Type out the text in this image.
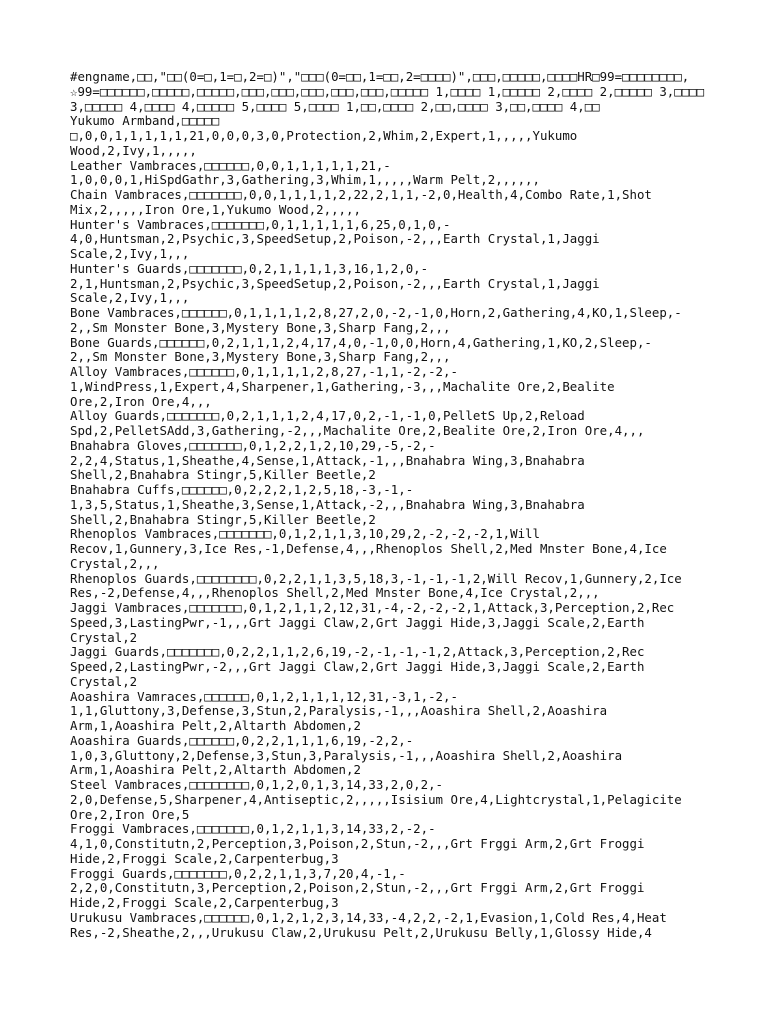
#engname,□□,"□□(0=□,1=□,2=□)","□□□(0=□□,1=□□,2=□□□□)",□□□,□□□□□,□□□□HR□99=□□□□□□□□,
☆99=□□□□□□,□□□□□,□□□□□,□□□,□□□,□□□,□□□,□□□,□□□□□ 1,□□□□ 1,□□□□□ 2,□□□□ 2,□□□□□ 3,□□□□
3,□□□□□ 4,□□□□ 4,□□□□□ 5,□□□□ 5,□□□□ 1,□□,□□□□ 2,□□,□□□□ 3,□□,□□□□ 4,□□
Yukumo Armband,□□□□□
□,0,0,1,1,1,1,1,21,0,0,0,3,0,Protection,2,Whim,2,Expert,1,,,,,Yukumo
Wood,2,Ivy,1,,,,,
Leather Vambraces,□□□□□□,0,0,1,1,1,1,1,21,-
1,0,0,0,1,HiSpdGathr,3,Gathering,3,Whim,1,,,,,Warm Pelt,2,,,,,,
Chain Vambraces,□□□□□□□,0,0,1,1,1,1,2,22,2,1,1,-2,0,Health,4,Combo Rate,1,Shot
Mix,2,,,,,Iron Ore,1,Yukumo Wood,2,,,,,
Hunter's Vambraces,□□□□□□□,0,1,1,1,1,1,6,25,0,1,0,-
4,0,Huntsman,2,Psychic,3,SpeedSetup,2,Poison,-2,,,Earth Crystal,1,Jaggi
Scale,2,Ivy,1,,,
Hunter's Guards,□□□□□□□,0,2,1,1,1,1,3,16,1,2,0,-
2,1,Huntsman,2,Psychic,3,SpeedSetup,2,Poison,-2,,,Earth Crystal,1,Jaggi
Scale,2,Ivy,1,,,
Bone Vambraces,□□□□□□,0,1,1,1,1,2,8,27,2,0,-2,-1,0,Horn,2,Gathering,4,KO,1,Sleep,-
2,,Sm Monster Bone,3,Mystery Bone,3,Sharp Fang,2,,,
Bone Guards,□□□□□□,0,2,1,1,1,2,4,17,4,0,-1,0,0,Horn,4,Gathering,1,KO,2,Sleep,-
2,,Sm Monster Bone,3,Mystery Bone,3,Sharp Fang,2,,,
Alloy Vambraces,□□□□□□,0,1,1,1,1,2,8,27,-1,1,-2,-2,-
1,WindPress,1,Expert,4,Sharpener,1,Gathering,-3,,,Machalite Ore,2,Bealite
Ore,2,Iron Ore,4,,,
Alloy Guards,□□□□□□□,0,2,1,1,1,2,4,17,0,2,-1,-1,0,PelletS Up,2,Reload
Spd,2,PelletSAdd,3,Gathering,-2,,,Machalite Ore,2,Bealite Ore,2,Iron Ore,4,,,
Bnahabra Gloves,□□□□□□□,0,1,2,2,1,2,10,29,-5,-2,-
2,2,4,Status,1,Sheathe,4,Sense,1,Attack,-1,,,Bnahabra Wing,3,Bnahabra
Shell,2,Bnahabra Stingr,5,Killer Beetle,2
Bnahabra Cuffs,□□□□□□,0,2,2,2,1,2,5,18,-3,-1,-
1,3,5,Status,1,Sheathe,3,Sense,1,Attack,-2,,,Bnahabra Wing,3,Bnahabra
Shell,2,Bnahabra Stingr,5,Killer Beetle,2
Rhenoplos Vambraces,□□□□□□□,0,1,2,1,1,3,10,29,2,-2,-2,-2,1,Will
Recov,1,Gunnery,3,Ice Res,-1,Defense,4,,,Rhenoplos Shell,2,Med Mnster Bone,4,Ice
Crystal,2,,,
Rhenoplos Guards,□□□□□□□□,0,2,2,1,1,3,5,18,3,-1,-1,-1,2,Will Recov,1,Gunnery,2,Ice
Res,-2,Defense,4,,,Rhenoplos Shell,2,Med Mnster Bone,4,Ice Crystal,2,,,
Jaggi Vambraces,□□□□□□□,0,1,2,1,1,2,12,31,-4,-2,-2,-2,1,Attack,3,Perception,2,Rec
Speed,3,LastingPwr,-1,,,Grt Jaggi Claw,2,Grt Jaggi Hide,3,Jaggi Scale,2,Earth
Crystal,2
Jaggi Guards,□□□□□□□,0,2,2,1,1,2,6,19,-2,-1,-1,-1,2,Attack,3,Perception,2,Rec
Speed,2,LastingPwr,-2,,,Grt Jaggi Claw,2,Grt Jaggi Hide,3,Jaggi Scale,2,Earth
Crystal,2
Aoashira Vamraces,□□□□□□,0,1,2,1,1,1,12,31,-3,1,-2,-
1,1,Gluttony,3,Defense,3,Stun,2,Paralysis,-1,,,Aoashira Shell,2,Aoashira
Arm,1,Aoashira Pelt,2,Altarth Abdomen,2
Aoashira Guards,□□□□□□,0,2,2,1,1,1,6,19,-2,2,-
1,0,3,Gluttony,2,Defense,3,Stun,3,Paralysis,-1,,,Aoashira Shell,2,Aoashira
Arm,1,Aoashira Pelt,2,Altarth Abdomen,2
Steel Vambraces,□□□□□□□□,0,1,2,0,1,3,14,33,2,0,2,-
2,0,Defense,5,Sharpener,4,Antiseptic,2,,,,,Isisium Ore,4,Lightcrystal,1,Pelagicite
Ore,2,Iron Ore,5
Froggi Vambraces,□□□□□□□,0,1,2,1,1,3,14,33,2,-2,-
4,1,0,Constitutn,2,Perception,3,Poison,2,Stun,-2,,,Grt Frggi Arm,2,Grt Froggi
Hide,2,Froggi Scale,2,Carpenterbug,3
Froggi Guards,□□□□□□□,0,2,2,1,1,3,7,20,4,-1,-
2,2,0,Constitutn,3,Perception,2,Poison,2,Stun,-2,,,Grt Frggi Arm,2,Grt Froggi
Hide,2,Froggi Scale,2,Carpenterbug,3
Urukusu Vambraces,□□□□□□,0,1,2,1,2,3,14,33,-4,2,2,-2,1,Evasion,1,Cold Res,4,Heat
Res,-2,Sheathe,2,,,Urukusu Claw,2,Urukusu Pelt,2,Urukusu Belly,1,Glossy Hide,4
